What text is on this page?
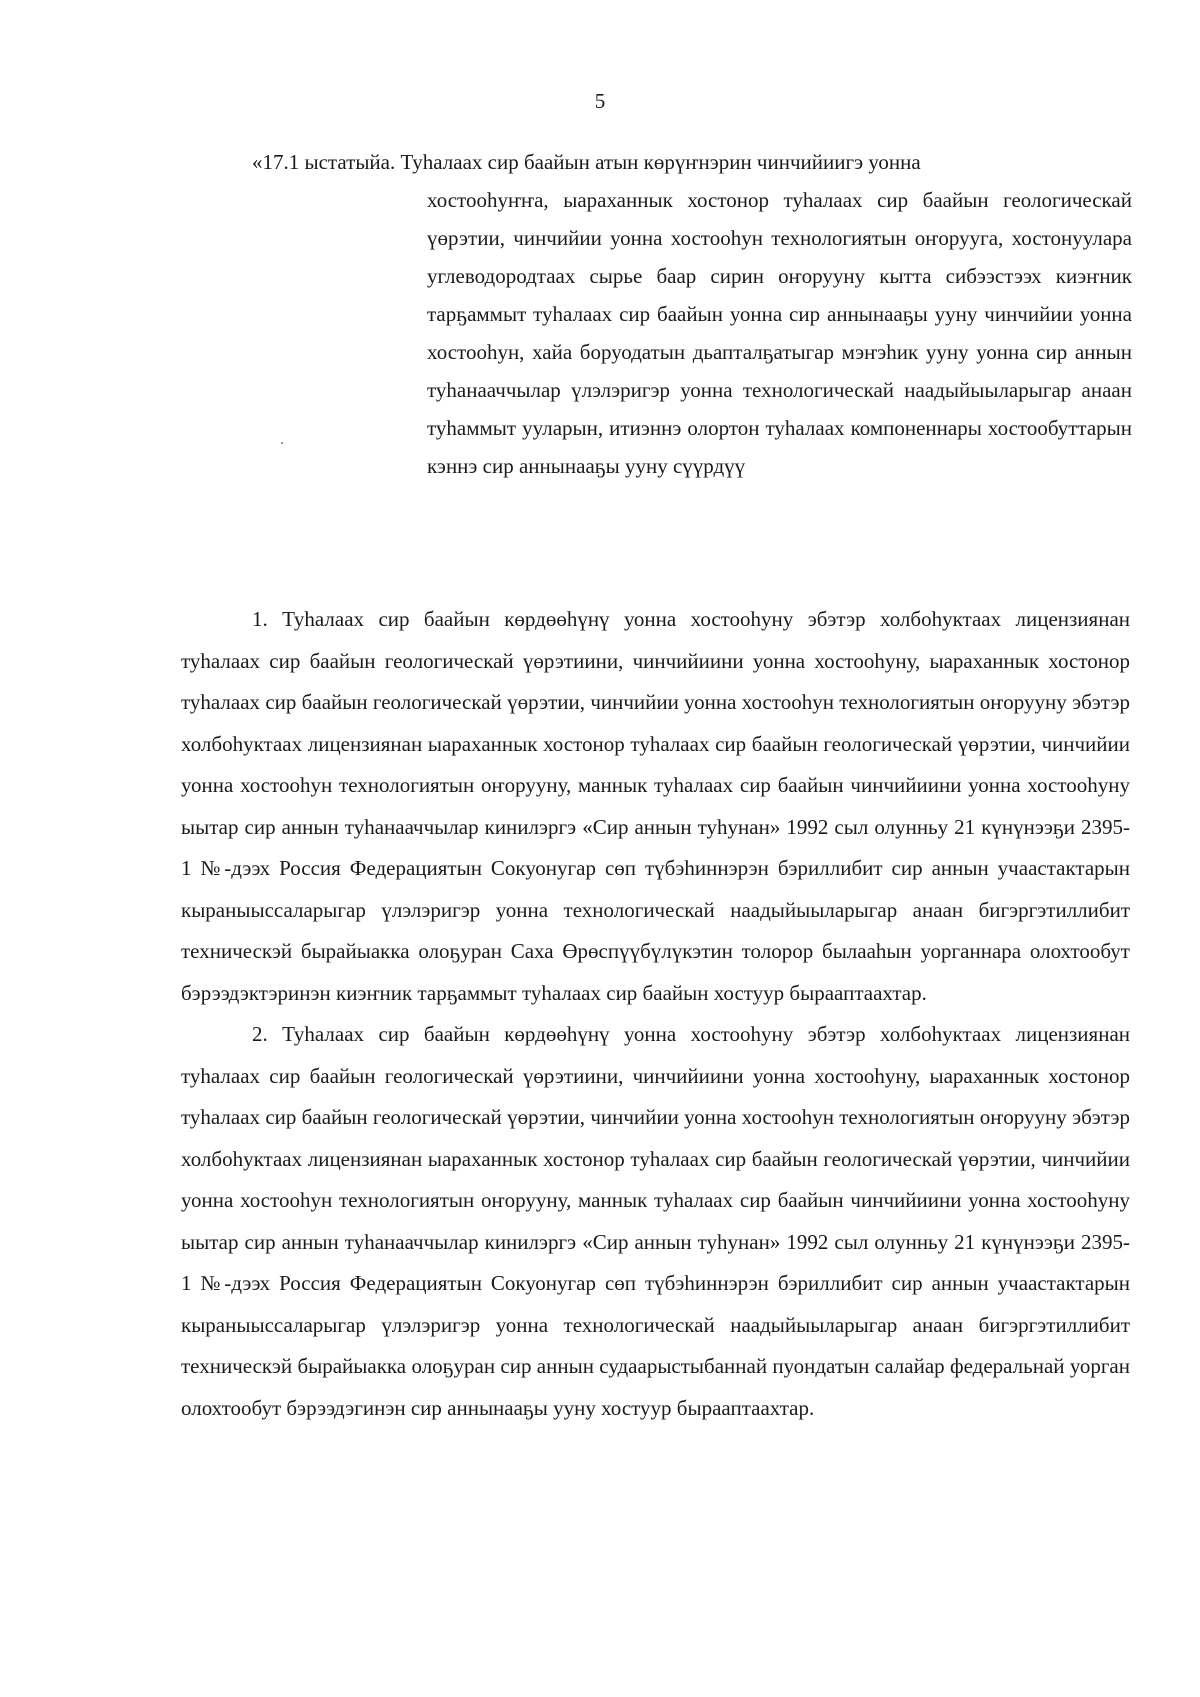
5

«17.1 ыстатыйа. Туһалаах сир баайын атын көрүҥнэрин чинчийиигэ уонна

хостооһуҥҥа, ыараханнык хостонор туһалаах сир баайын геологическай үөрэтии, чинчийии уонна хостооһун технологиятын оҥорууга, хостонуулара углеводородтаах сырье баар сирин оҥорууну кытта сибээстээх киэҥник тарҕаммыт туһалаах сир баайын уонна сир аннынааҕы ууну чинчийии уонна хостооһун, хайа боруодатын дьапталҕатыгар мэҥэһик ууну уонна сир аннын туһанааччылар үлэлэригэр уонна технологическай наадыйыыларыгар анаан туһаммыт ууларын, итиэннэ олортон туһалаах компоненнары хостообуттарын кэннэ сир аннынааҕы ууну сүүрдүү

1. Туһалаах сир баайын көрдөөһүнү уонна хостооһуну эбэтэр холбоһуктаах лицензиянан туһалаах сир баайын геологическай үөрэтиини, чинчийиини уонна хостооһуну, ыараханнык хостонор туһалаах сир баайын геологическай үөрэтии, чинчийии уонна хостооһун технологиятын оҥорууну эбэтэр холбоһуктаах лицензиянан ыараханнык хостонор туһалаах сир баайын геологическай үөрэтии, чинчийии уонна хостооһун технологиятын оҥорууну, маннык туһалаах сир баайын чинчийиини уонна хостооһуну ыытар сир аннын туһанааччылар кинилэргэ «Сир аннын туһунан» 1992 сыл олунньу 21 күнүнээҕи 2395-1 №-дээх Россия Федерациятын Сокуонугар сөп түбэһиннэрэн бэриллибит сир аннын учаастактарын кыраныыссаларыгар үлэлэригэр уонна технологическай наадыйыыларыгар анаан бигэргэтиллибит техническэй бырайыакка олоҕуран Саха Өрөспүүбүлүкэтин толорор былааһын уорганнара олохтообут бэрээдэктэринэн киэҥник тарҕаммыт туһалаах сир баайын хостуур бырааптаахтар.

2. Туһалаах сир баайын көрдөөһүнү уонна хостооһуну эбэтэр холбоһуктаах лицензиянан туһалаах сир баайын геологическай үөрэтиини, чинчийиини уонна хостооһуну, ыараханнык хостонор туһалаах сир баайын геологическай үөрэтии, чинчийии уонна хостооһун технологиятын оҥорууну эбэтэр холбоһуктаах лицензиянан ыараханнык хостонор туһалаах сир баайын геологическай үөрэтии, чинчийии уонна хостооһун технологиятын оҥорууну, маннык туһалаах сир баайын чинчийиини уонна хостооһуну ыытар сир аннын туһанааччылар кинилэргэ «Сир аннын туһунан» 1992 сыл олунньу 21 күнүнээҕи 2395-1 №-дээх Россия Федерациятын Сокуонугар сөп түбэһиннэрэн бэриллибит сир аннын учаастактарын кыраныыссаларыгар үлэлэригэр уонна технологическай наадыйыыларыгар анаан бигэргэтиллибит техническэй бырайыакка олоҕуран сир аннын судаарыстыбаннай пуондатын салайар федеральнай уорган олохтообут бэрээдэгинэн сир аннынааҕы ууну хостуур бырааптаахтар.
